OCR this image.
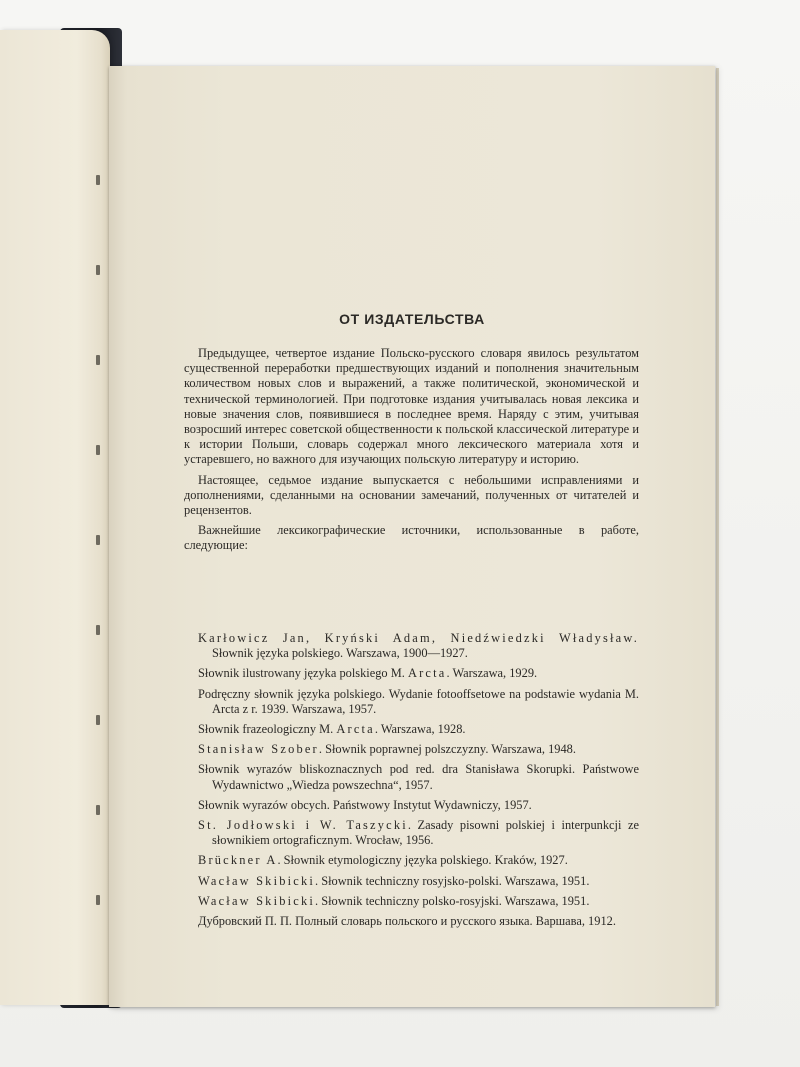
ОТ ИЗДАТЕЛЬСТВА

Предыдущее, четвертое издание Польско-русского словаря явилось результатом существенной переработки предшествующих изданий и пополнения значительным количеством новых слов и выражений, а также политической, экономической и технической терминологией. При подготовке издания учитывалась новая лексика и новые значения слов, появившиеся в последнее время. Наряду с этим, учитывая возросший интерес советской общественности к польской классической литературе и к истории Польши, словарь содержал много лексического материала хотя и устаревшего, но важного для изучающих польскую литературу и историю.

Настоящее, седьмое издание выпускается с небольшими исправлениями и дополнениями, сделанными на основании замечаний, полученных от читателей и рецензентов.

Важнейшие лексикографические источники, использованные в работе, следующие:

Karłowicz Jan, Kryński Adam, Niedźwiedzki Władysław. Słownik języka polskiego. Warszawa, 1900—1927.
Słownik ilustrowany języka polskiego M. Arcta. Warszawa, 1929.
Podręczny słownik języka polskiego. Wydanie fotooffsetowe na podstawie wydania M. Arcta z r. 1939. Warszawa, 1957.
Słownik frazeologiczny M. Arcta. Warszawa, 1928.
Stanisław Szober. Słownik poprawnej polszczyzny. Warszawa, 1948.
Słownik wyrazów bliskoznacznych pod red. dra Stanisława Skorupki. Państwowe Wydawnictwo „Wiedza powszechna“, 1957.
Słownik wyrazów obcych. Państwowy Instytut Wydawniczy, 1957.
St. Jodłowski i W. Taszycki. Zasady pisowni polskiej i interpunkcji ze słownikiem ortograficznym. Wrocław, 1956.
Brückner A. Słownik etymologiczny języka polskiego. Kraków, 1927.
Wacław Skibicki. Słownik techniczny rosyjsko-polski. Warszawa, 1951.
Wacław Skibicki. Słownik techniczny polsko-rosyjski. Warszawa, 1951.
Дубровский П. П. Полный словарь польского и русского языка. Варшава, 1912.
